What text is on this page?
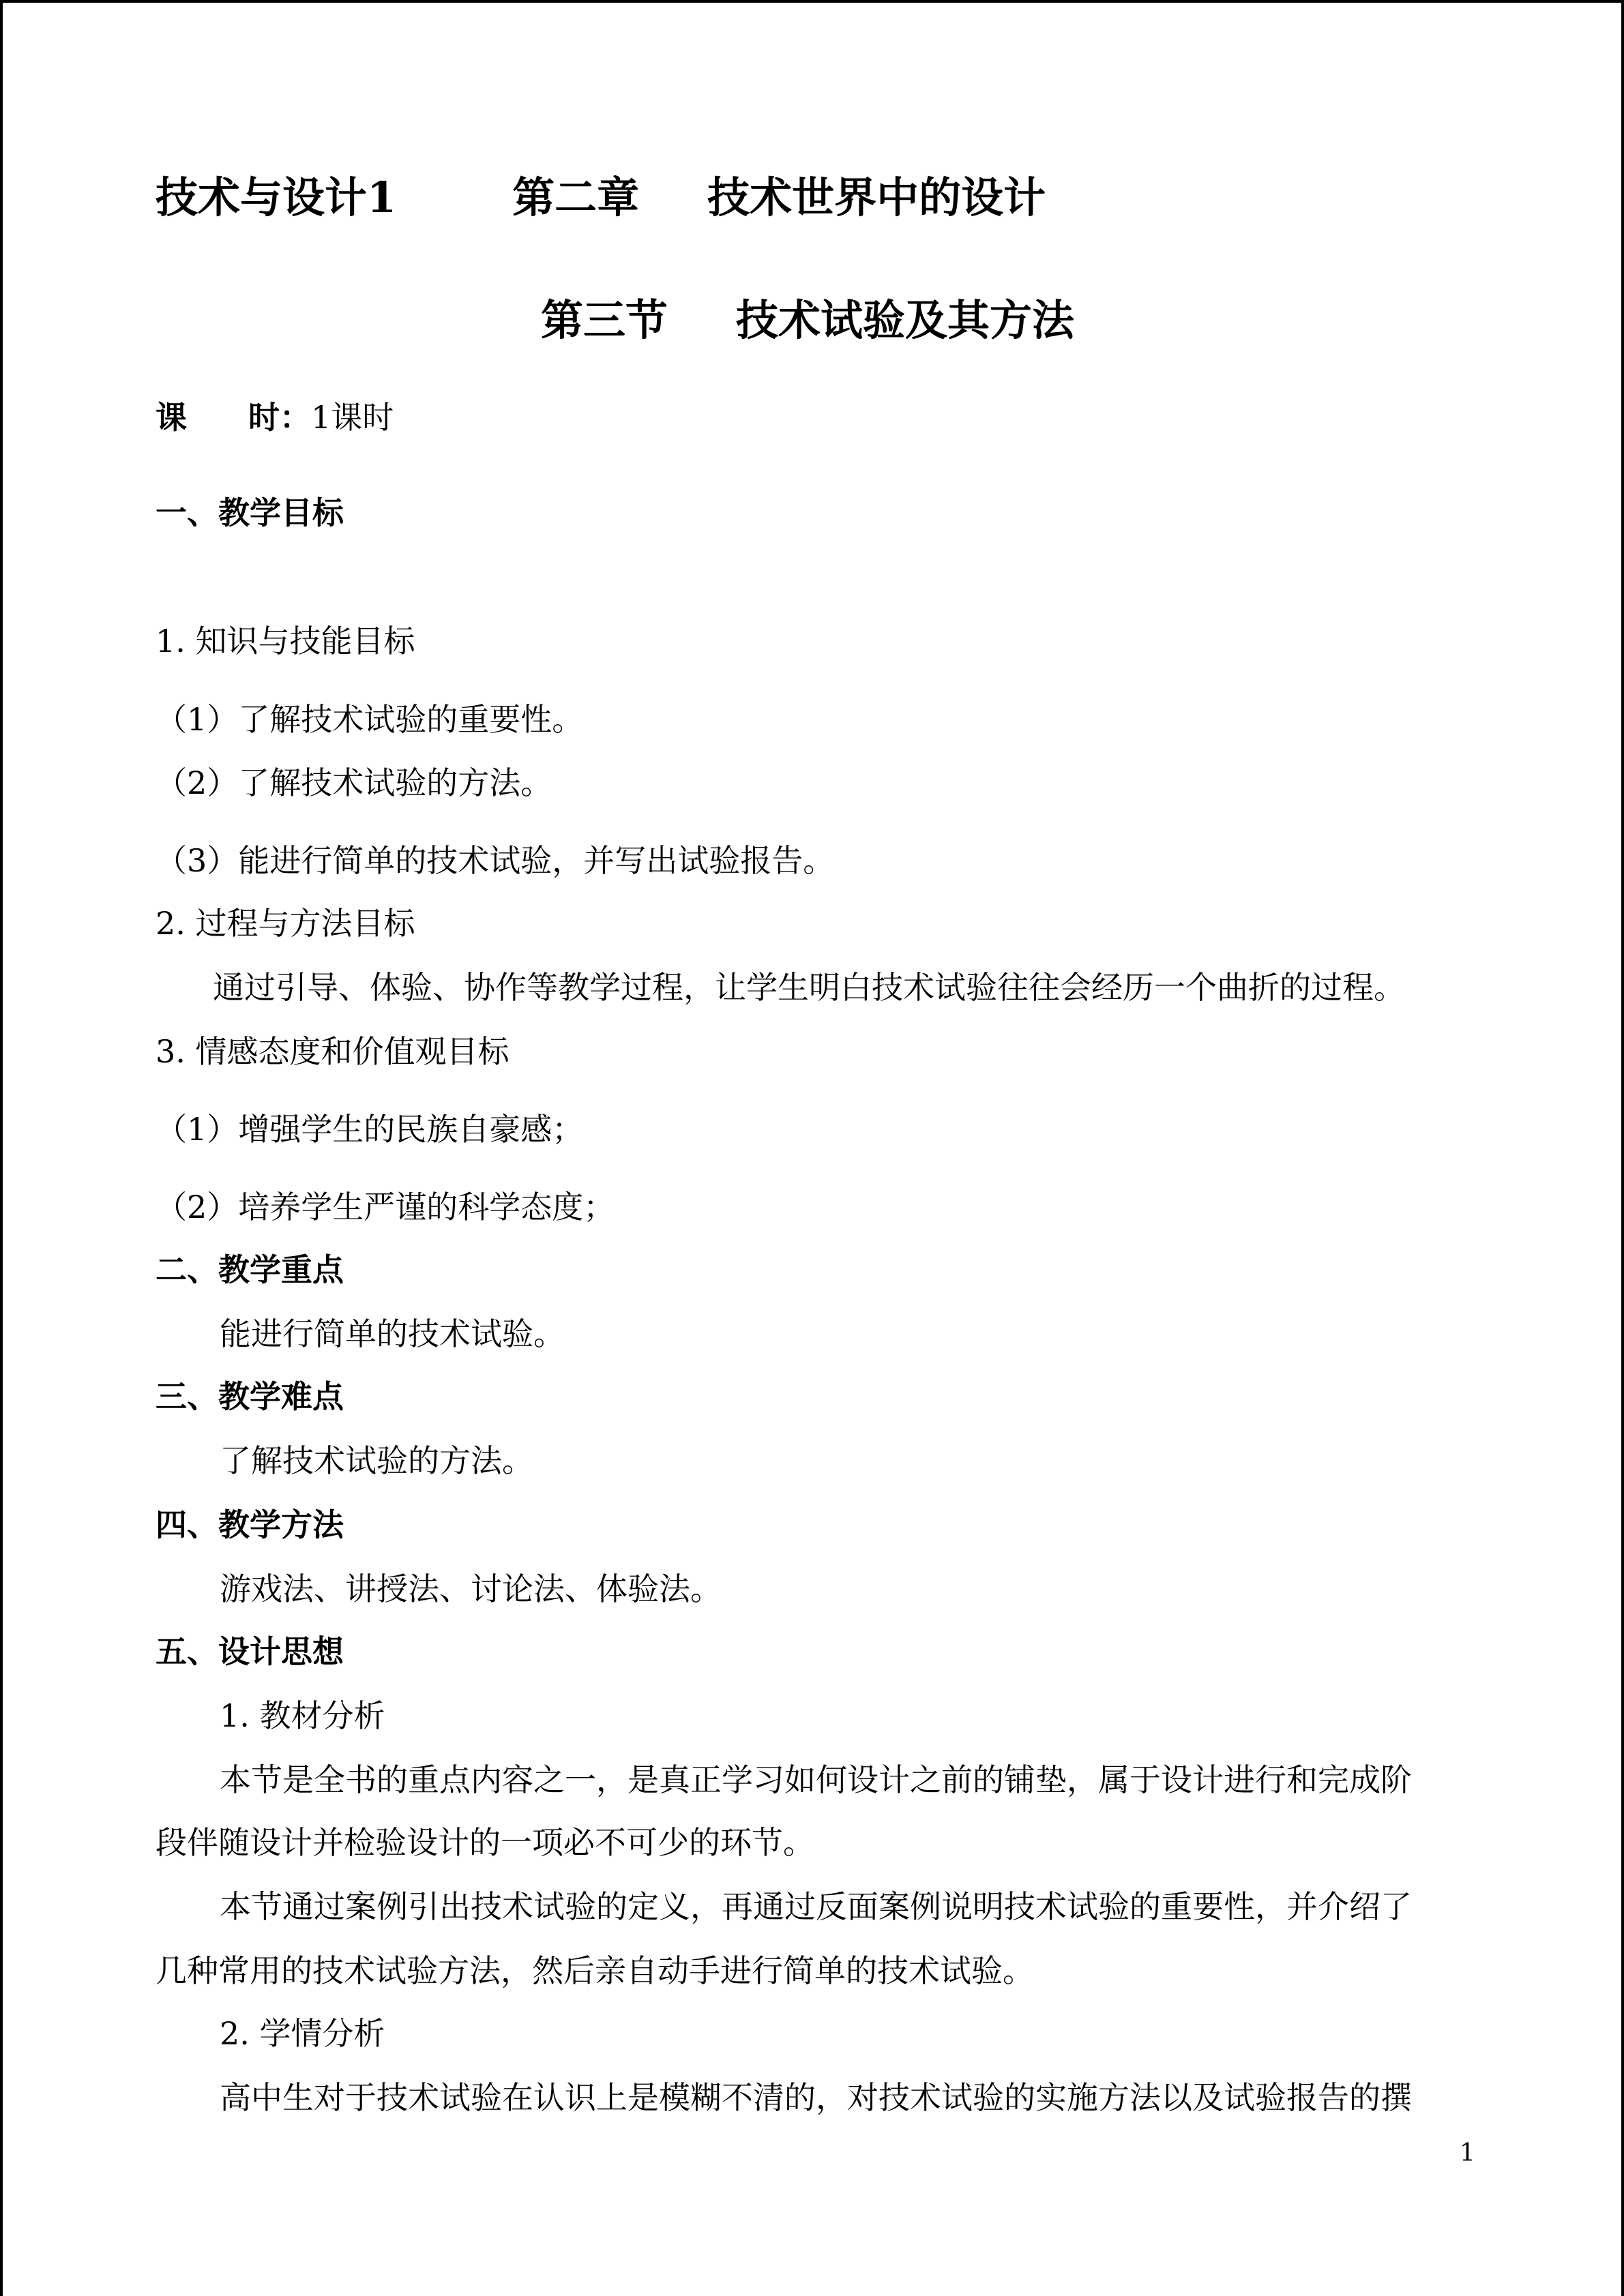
技术与设计1	第二章 技术世界中的设计
第三节 技术试验及其方法
课 时：1课时
一、教学目标
1. 知识与技能目标
（1）了解技术试验的重要性。
（2）了解技术试验的方法。
（3）能进行简单的技术试验，并写出试验报告。
2. 过程与方法目标
通过引导、体验、协作等教学过程，让学生明白技术试验往往会经历一个曲折的过程。
3. 情感态度和价值观目标
（1）增强学生的民族自豪感；
（2）培养学生严谨的科学态度；
二、教学重点
能进行简单的技术试验。
三、教学难点
了解技术试验的方法。
四、教学方法
游戏法、讲授法、讨论法、体验法。
五、设计思想
1. 教材分析
本节是全书的重点内容之一，是真正学习如何设计之前的铺垫，属于设计进行和完成阶
段伴随设计并检验设计的一项必不可少的环节。
本节通过案例引出技术试验的定义，再通过反面案例说明技术试验的重要性，并介绍了
几种常用的技术试验方法，然后亲自动手进行简单的技术试验。
2. 学情分析
高中生对于技术试验在认识上是模糊不清的，对技术试验的实施方法以及试验报告的撰
1
